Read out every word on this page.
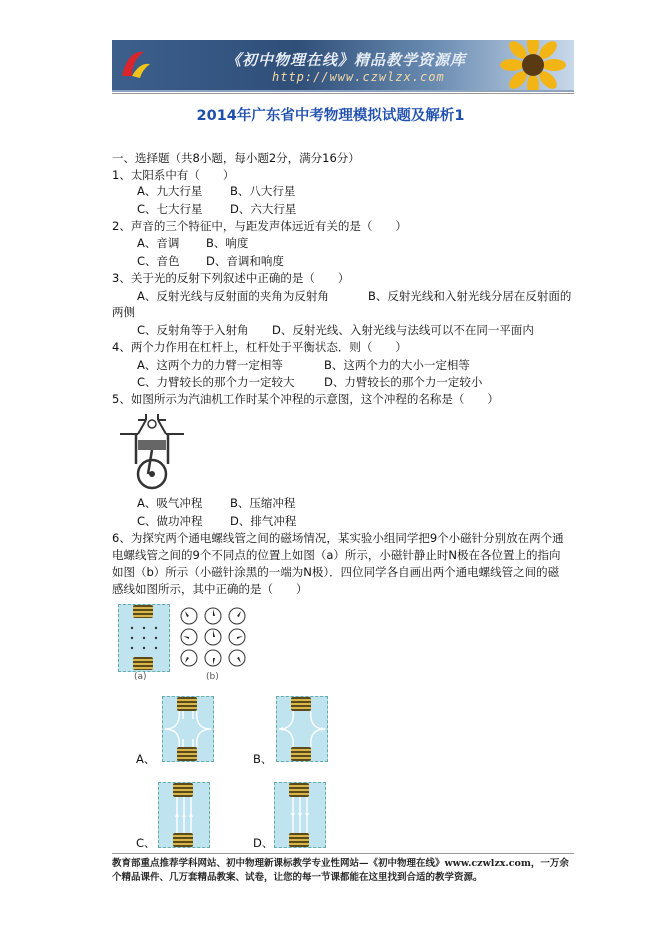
《初中物理在线》精品教学资源库
http://www.czwlzx.com
2014年广东省中考物理模拟试题及解析1
一、选择题（共8小题，每小题2分，满分16分）
1、太阳系中有（　　）
A、九大行星 B、八大行星
C、七大行星 D、六大行星
2、声音的三个特征中，与距发声体远近有关的是（　　）
A、音调 B、响度
C、音色 D、音调和响度
3、关于光的反射下列叙述中正确的是（　　）
A、反射光线与反射面的夹角为反射角	B、反射光线和入射光线分居在反射面的
两侧
C、反射角等于入射角 D、反射光线、入射光线与法线可以不在同一平面内
4、两个力作用在杠杆上，杠杆处于平衡状态．则（　　）
A、这两个力的力臂一定相等	B、这两个力的大小一定相等
C、力臂较长的那个力一定较大	D、力臂较长的那个力一定较小
5、如图所示为汽油机工作时某个冲程的示意图，这个冲程的名称是（　　）
A、吸气冲程 B、压缩冲程
C、做功冲程 D、排气冲程
6、为探究两个通电螺线管之间的磁场情况，某实验小组同学把9个小磁针分别放在两个通
电螺线管之间的9个不同点的位置上如图（a）所示，小磁针静止时N极在各位置上的指向
如图（b）所示（小磁针涂黑的一端为N极）．四位同学各自画出两个通电螺线管之间的磁
感线如图所示，其中正确的是（　　）
(a)	(b)
A、	B、
C、	D、
教育部重点推荐学科网站、初中物理新课标教学专业性网站—《初中物理在线》www.czwlzx.com，一万余个精品课件、几万套精品教案、试卷，让您的每一节课都能在这里找到合适的教学资源。
